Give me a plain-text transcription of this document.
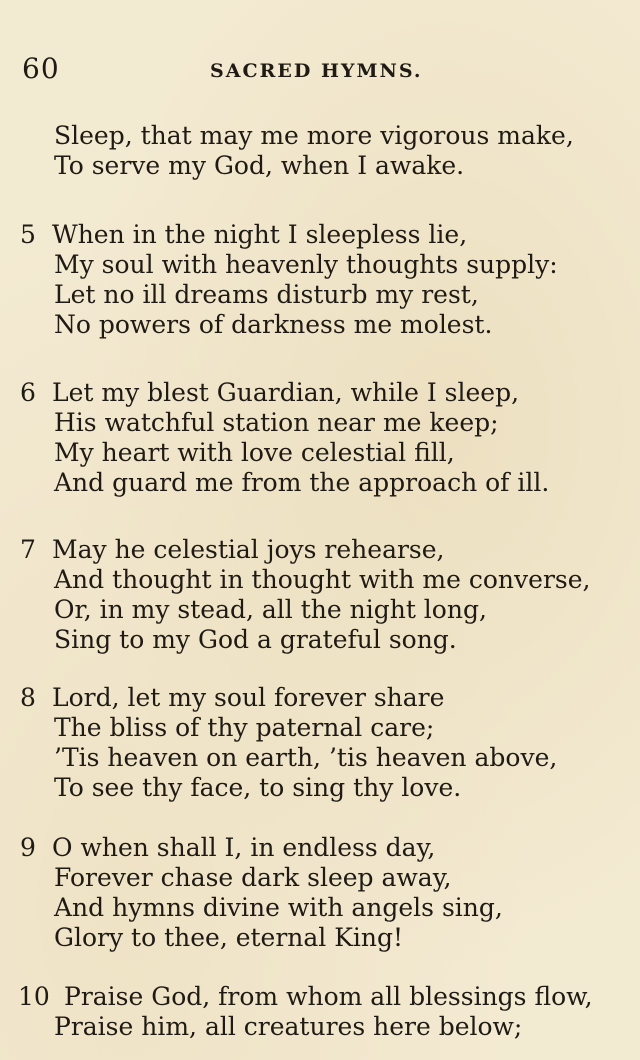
60	SACRED HYMNS.
Sleep, that may me more vigorous make,
To serve my God, when I awake.
5 When in the night I sleepless lie,
My soul with heavenly thoughts supply:
Let no ill dreams disturb my rest,
No powers of darkness me molest.
6 Let my blest Guardian, while I sleep,
His watchful station near me keep;
My heart with love celestial fill,
And guard me from the approach of ill.
7 May he celestial joys rehearse,
And thought in thought with me converse,
Or, in my stead, all the night long,
Sing to my God a grateful song.
8 Lord, let my soul forever share
The bliss of thy paternal care;
’Tis heaven on earth, ’tis heaven above,
To see thy face, to sing thy love.
9 O when shall I, in endless day,
Forever chase dark sleep away,
And hymns divine with angels sing,
Glory to thee, eternal King!
10 Praise God, from whom all blessings flow,
Praise him, all creatures here below;
